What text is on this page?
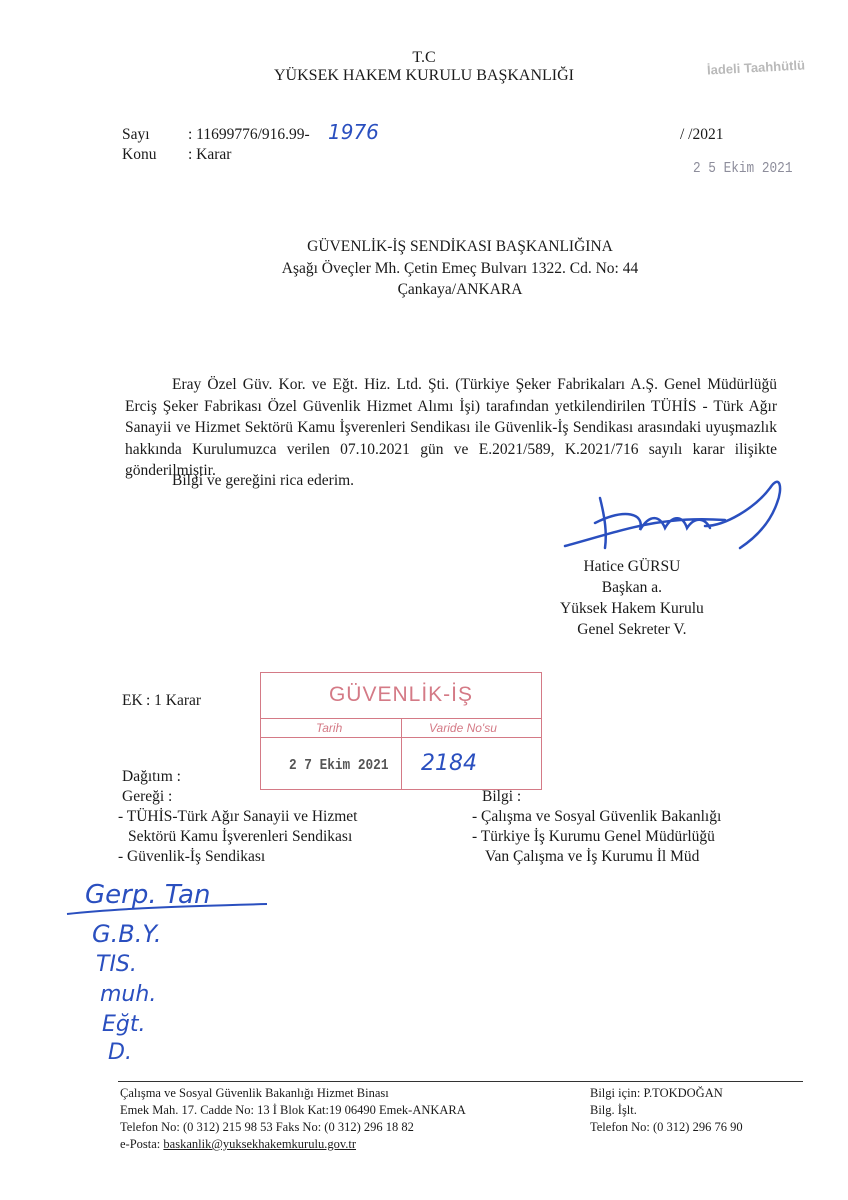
T.C
YÜKSEK HAKEM KURULU BAŞKANLIĞI	İadeli Taahhütlü
Sayı : 11699776/916.99- 1976
Konu : Karar
/ /2021
2 5 Ekim 2021
GÜVENLİK-İŞ SENDİKASI BAŞKANLIĞINA
Aşağı Öveçler Mh. Çetin Emeç Bulvarı 1322. Cd. No: 44
Çankaya/ANKARA
Eray Özel Güv. Kor. ve Eğt. Hiz. Ltd. Şti. (Türkiye Şeker Fabrikaları A.Ş. Genel Müdürlüğü Erciş Şeker Fabrikası Özel Güvenlik Hizmet Alımı İşi) tarafından yetkilendirilen TÜHİS - Türk Ağır Sanayii ve Hizmet Sektörü Kamu İşverenleri Sendikası ile Güvenlik-İş Sendikası arasındaki uyuşmazlık hakkında Kurulumuzca verilen 07.10.2021 gün ve E.2021/589, K.2021/716 sayılı karar ilişikte gönderilmiştir.
Bilgi ve gereğini rica ederim.
Hatice GÜRSU
Başkan a.
Yüksek Hakem Kurulu
Genel Sekreter V.
EK : 1 Karar	GÜVENLİK-İŞ
Tarih	Varide No'su
2 7 Ekim 2021 2184
Dağıtım :
Gereği :
- TÜHİS-Türk Ağır Sanayii ve Hizmet
Sektörü Kamu İşverenleri Sendikası
- Güvenlik-İş Sendikası
Bilgi :
- Çalışma ve Sosyal Güvenlik Bakanlığı
- Türkiye İş Kurumu Genel Müdürlüğü
Van Çalışma ve İş Kurumu İl Müd
Gerp. Tan
G.B.Y.
TIS.
muh.
Eğt.
D.
Çalışma ve Sosyal Güvenlik Bakanlığı Hizmet Binası
Emek Mah. 17. Cadde No: 13 İ Blok Kat:19 06490 Emek-ANKARA
Telefon No: (0 312) 215 98 53 Faks No: (0 312) 296 18 82
e-Posta: baskanlik@yuksekhakemkurulu.gov.tr
Bilgi için: P.TOKDOĞAN
Bilg. İşlt.
Telefon No: (0 312) 296 76 90
